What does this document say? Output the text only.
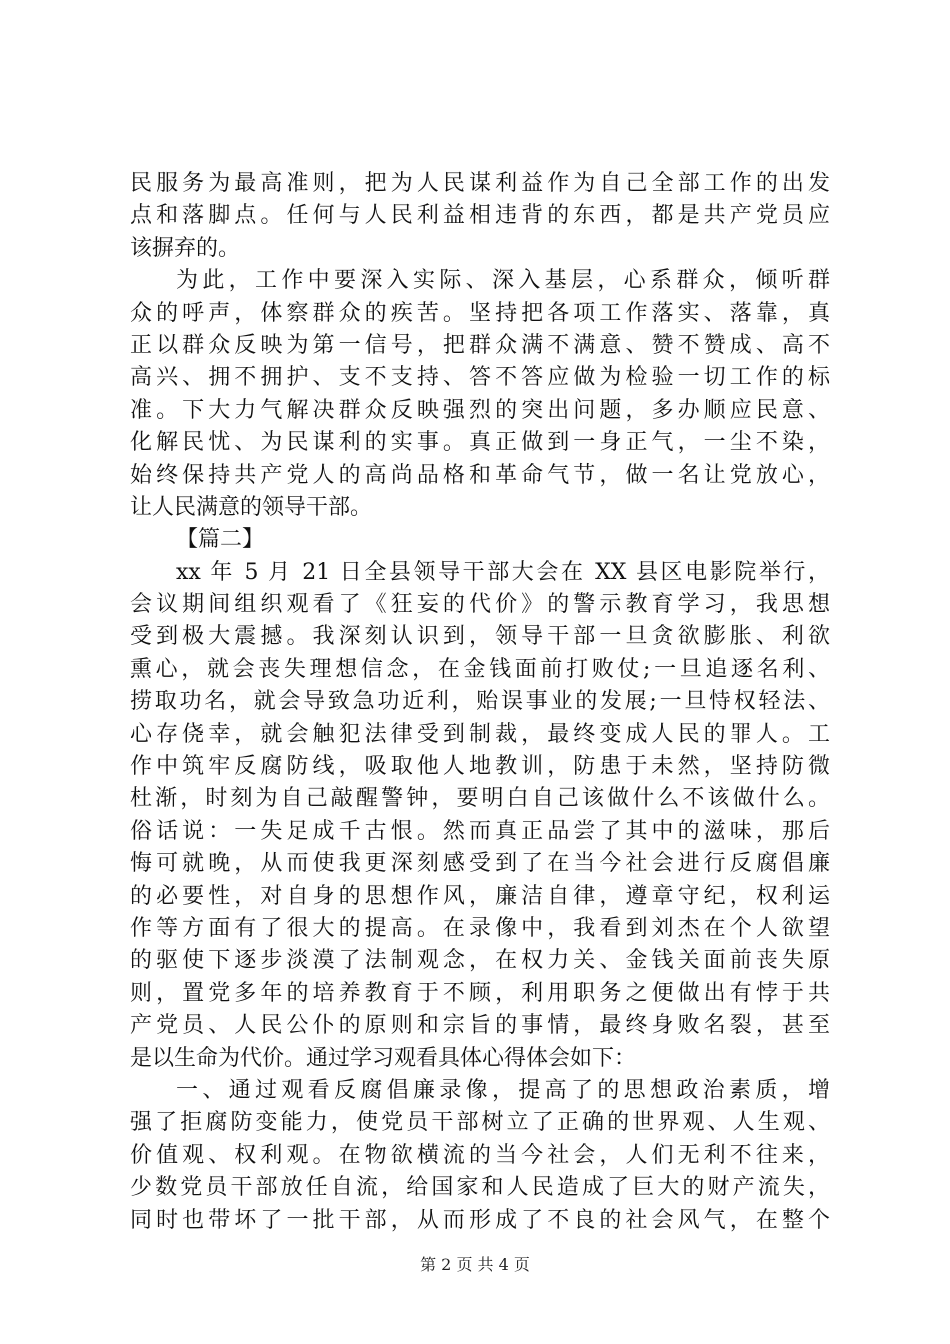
民服务为最高准则，把为人民谋利益作为自己全部工作的出发
点和落脚点。任何与人民利益相违背的东西，都是共产党员应
该摒弃的。
为此，工作中要深入实际、深入基层，心系群众，倾听群
众的呼声，体察群众的疾苦。坚持把各项工作落实、落靠，真
正以群众反映为第一信号，把群众满不满意、赞不赞成、高不
高兴、拥不拥护、支不支持、答不答应做为检验一切工作的标
准。下大力气解决群众反映强烈的突出问题，多办顺应民意、
化解民忧、为民谋利的实事。真正做到一身正气，一尘不染，
始终保持共产党人的高尚品格和革命气节，做一名让党放心，
让人民满意的领导干部。
【篇二】
xx 年 5 月 21 日全县领导干部大会在 XX 县区电影院举行，
会议期间组织观看了《狂妄的代价》的警示教育学习，我思想
受到极大震撼。我深刻认识到，领导干部一旦贪欲膨胀、利欲
熏心，就会丧失理想信念，在金钱面前打败仗;一旦追逐名利、
捞取功名，就会导致急功近利，贻误事业的发展;一旦恃权轻法、
心存侥幸，就会触犯法律受到制裁，最终变成人民的罪人。工
作中筑牢反腐防线，吸取他人地教训，防患于未然，坚持防微
杜渐，时刻为自己敲醒警钟，要明白自己该做什么不该做什么。
俗话说：一失足成千古恨。然而真正品尝了其中的滋味，那后
悔可就晚，从而使我更深刻感受到了在当今社会进行反腐倡廉
的必要性，对自身的思想作风，廉洁自律，遵章守纪，权利运
作等方面有了很大的提高。在录像中，我看到刘杰在个人欲望
的驱使下逐步淡漠了法制观念，在权力关、金钱关面前丧失原
则，置党多年的培养教育于不顾，利用职务之便做出有悖于共
产党员、人民公仆的原则和宗旨的事情，最终身败名裂，甚至
是以生命为代价。通过学习观看具体心得体会如下：
一、通过观看反腐倡廉录像，提高了的思想政治素质，增
强了拒腐防变能力，使党员干部树立了正确的世界观、人生观、
价值观、权利观。在物欲横流的当今社会，人们无利不往来，
少数党员干部放任自流，给国家和人民造成了巨大的财产流失，
同时也带坏了一批干部，从而形成了不良的社会风气，在整个
第 2 页 共 4 页
